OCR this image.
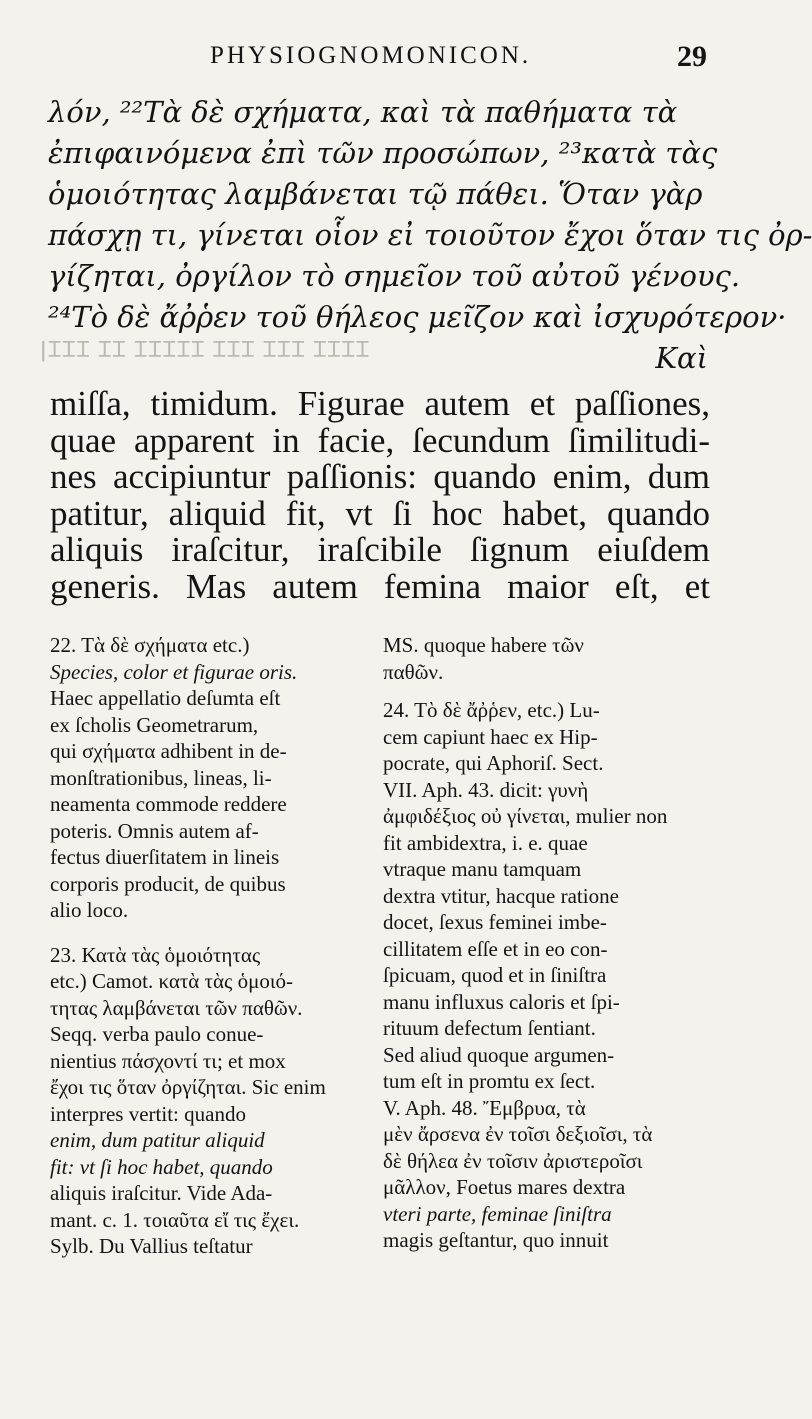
PHYSIOGNOMONICON.	29
λόν, ²²Τὰ δὲ σχήματα, καὶ τὰ παθήματα τὰ
ἐπιφαινόμενα ἐπὶ τῶν προσώπων, ²³κατὰ τὰς
ὁμοιότητας λαμβάνεται τῷ πάθει. Ὅταν γὰρ
πάσχῃ τι, γίνεται οἷον εἰ τοιοῦτον ἔχοι ὅταν τις ὀρ-
γίζηται, ὀργίλον τὸ σημεῖον τοῦ αὐτοῦ γένους.
²⁴Τὸ δὲ ἄῤῥεν τοῦ θήλεος μεῖζον καὶ ἰσχυρότερον·
Καὶ
ꟾꞮꞮꞮ ꞮꞮ ꞮꞮꞮꞮꞮ ꞮꞮꞮ ꞮꞮꞮ ꞮꞮꞮꞮ
miſſa, timidum. Figurae autem et paſſiones,
quae apparent in facie, ſecundum ſimilitudi-
nes accipiuntur paſſionis: quando enim, dum
patitur, aliquid fit, vt ſi hoc habet, quando
aliquis iraſcitur, iraſcibile ſignum eiuſdem
generis. Mas autem femina maior eſt, et
22. Τὰ δὲ σχήματα etc.)
Species, color et figurae oris.
Haec appellatio deſumta eſt
ex ſcholis Geometrarum,
qui σχήματα adhibent in de-
monſtrationibus, lineas, li-
neamenta commode reddere
poteris. Omnis autem af-
fectus diuerſitatem in lineis
corporis producit, de quibus
alio loco.
23. Κατὰ τὰς ὁμοιότητας
etc.) Camot. κατὰ τὰς ὁμοιό-
τητας λαμβάνεται τῶν παθῶν.
Seqq. verba paulo conue-
nientius πάσχοντί τι; et mox
ἔχοι τις ὅταν ὀργίζηται. Sic enim
interpres vertit: quando
enim, dum patitur aliquid
fit: vt ſi hoc habet, quando
aliquis iraſcitur. Vide Ada-
mant. c. 1. τοιαῦτα εἴ τις ἔχει.
Sylb. Du Vallius teſtatur
MS. quoque habere τῶν
παθῶν.
24. Τὸ δὲ ἄῤῥεν, etc.) Lu-
cem capiunt haec ex Hip-
pocrate, qui Aphoriſ. Sect.
VII. Aph. 43. dicit: γυνὴ
ἀμφιδέξιος οὐ γίνεται, mulier non
fit ambidextra, i. e. quae
vtraque manu tamquam
dextra vtitur, hacque ratione
docet, ſexus feminei imbe-
cillitatem eſſe et in eo con-
ſpicuam, quod et in ſiniſtra
manu influxus caloris et ſpi-
rituum defectum ſentiant.
Sed aliud quoque argumen-
tum eſt in promtu ex ſect.
V. Aph. 48. Ἔμβρυα, τὰ
μὲν ἄρσενα ἐν τοῖσι δεξιοῖσι, τὰ
δὲ θήλεα ἐν τοῖσιν ἀριστεροῖσι
μᾶλλον, Foetus mares dextra
vteri parte, feminae ſiniſtra
magis geſtantur, quo innuit
